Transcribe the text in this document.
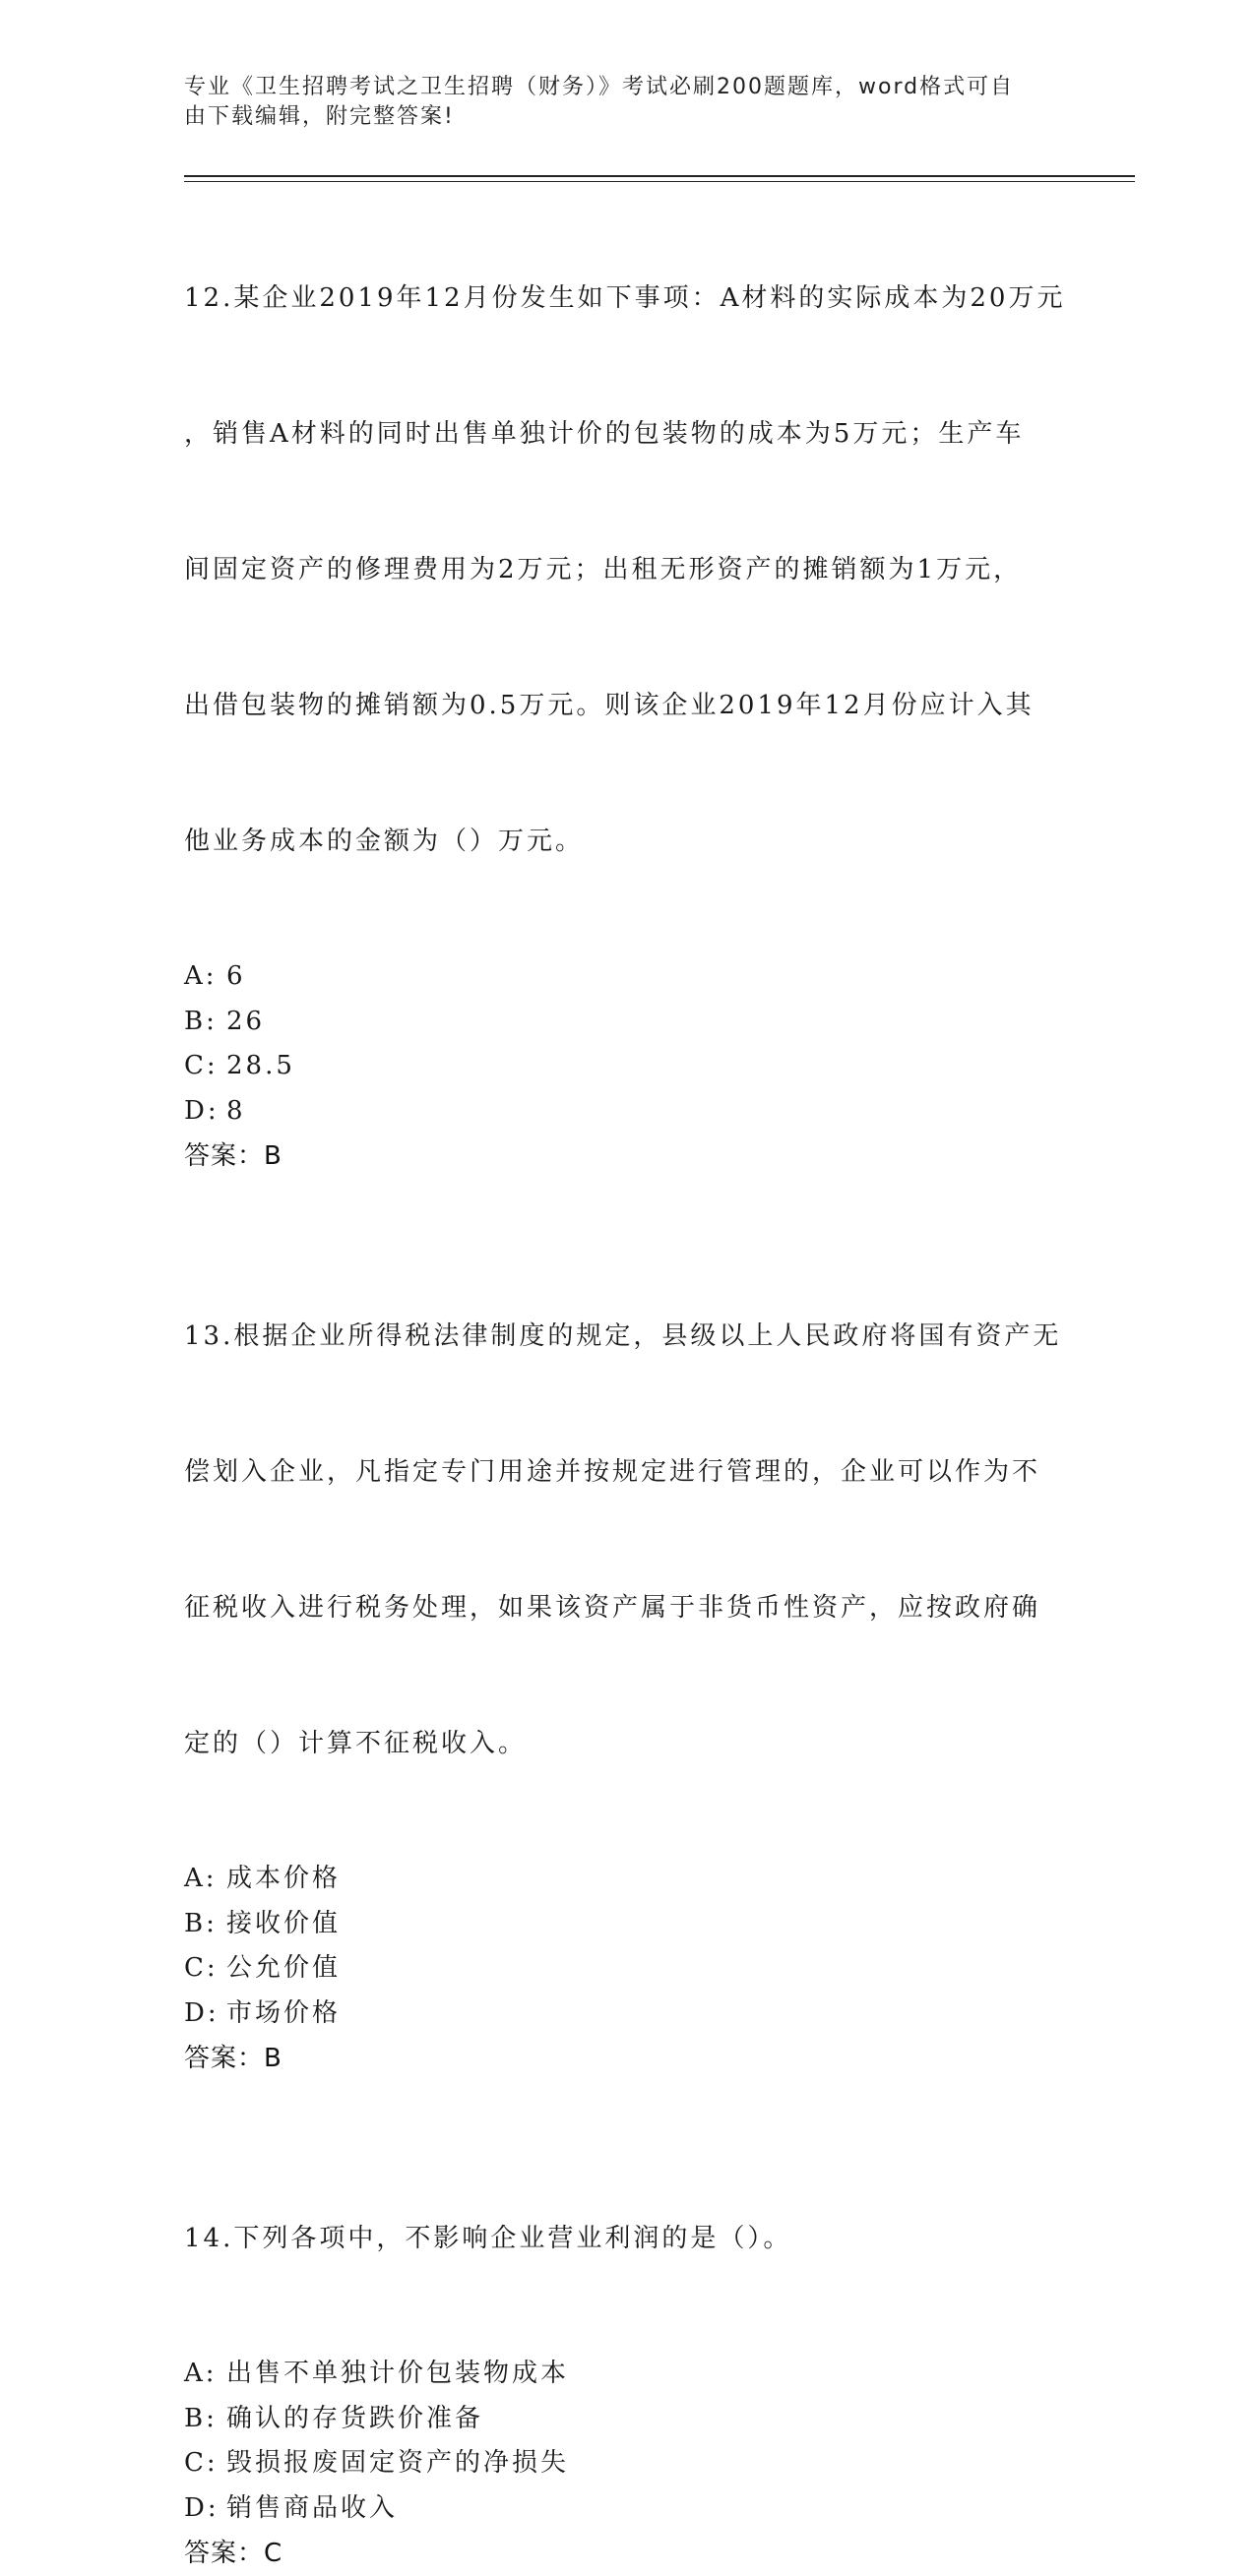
专业《卫生招聘考试之卫生招聘（财务）》考试必刷200题题库，word格式可自
由下载编辑，附完整答案!

12.某企业2019年12月份发生如下事项：A材料的实际成本为20万元

，销售A材料的同时出售单独计价的包装物的成本为5万元；生产车

间固定资产的修理费用为2万元；出租无形资产的摊销额为1万元，

出借包装物的摊销额为0.5万元。则该企业2019年12月份应计入其

他业务成本的金额为（）万元。

A: 6
B: 26
C: 28.5
D: 8
答案：B

13.根据企业所得税法律制度的规定，县级以上人民政府将国有资产无

偿划入企业，凡指定专门用途并按规定进行管理的，企业可以作为不

征税收入进行税务处理，如果该资产属于非货币性资产，应按政府确

定的（）计算不征税收入。

A: 成本价格
B: 接收价值
C: 公允价值
D: 市场价格
答案：B

14.下列各项中，不影响企业营业利润的是（）。

A: 出售不单独计价包装物成本
B: 确认的存货跌价准备
C: 毁损报废固定资产的净损失
D: 销售商品收入
答案：C
